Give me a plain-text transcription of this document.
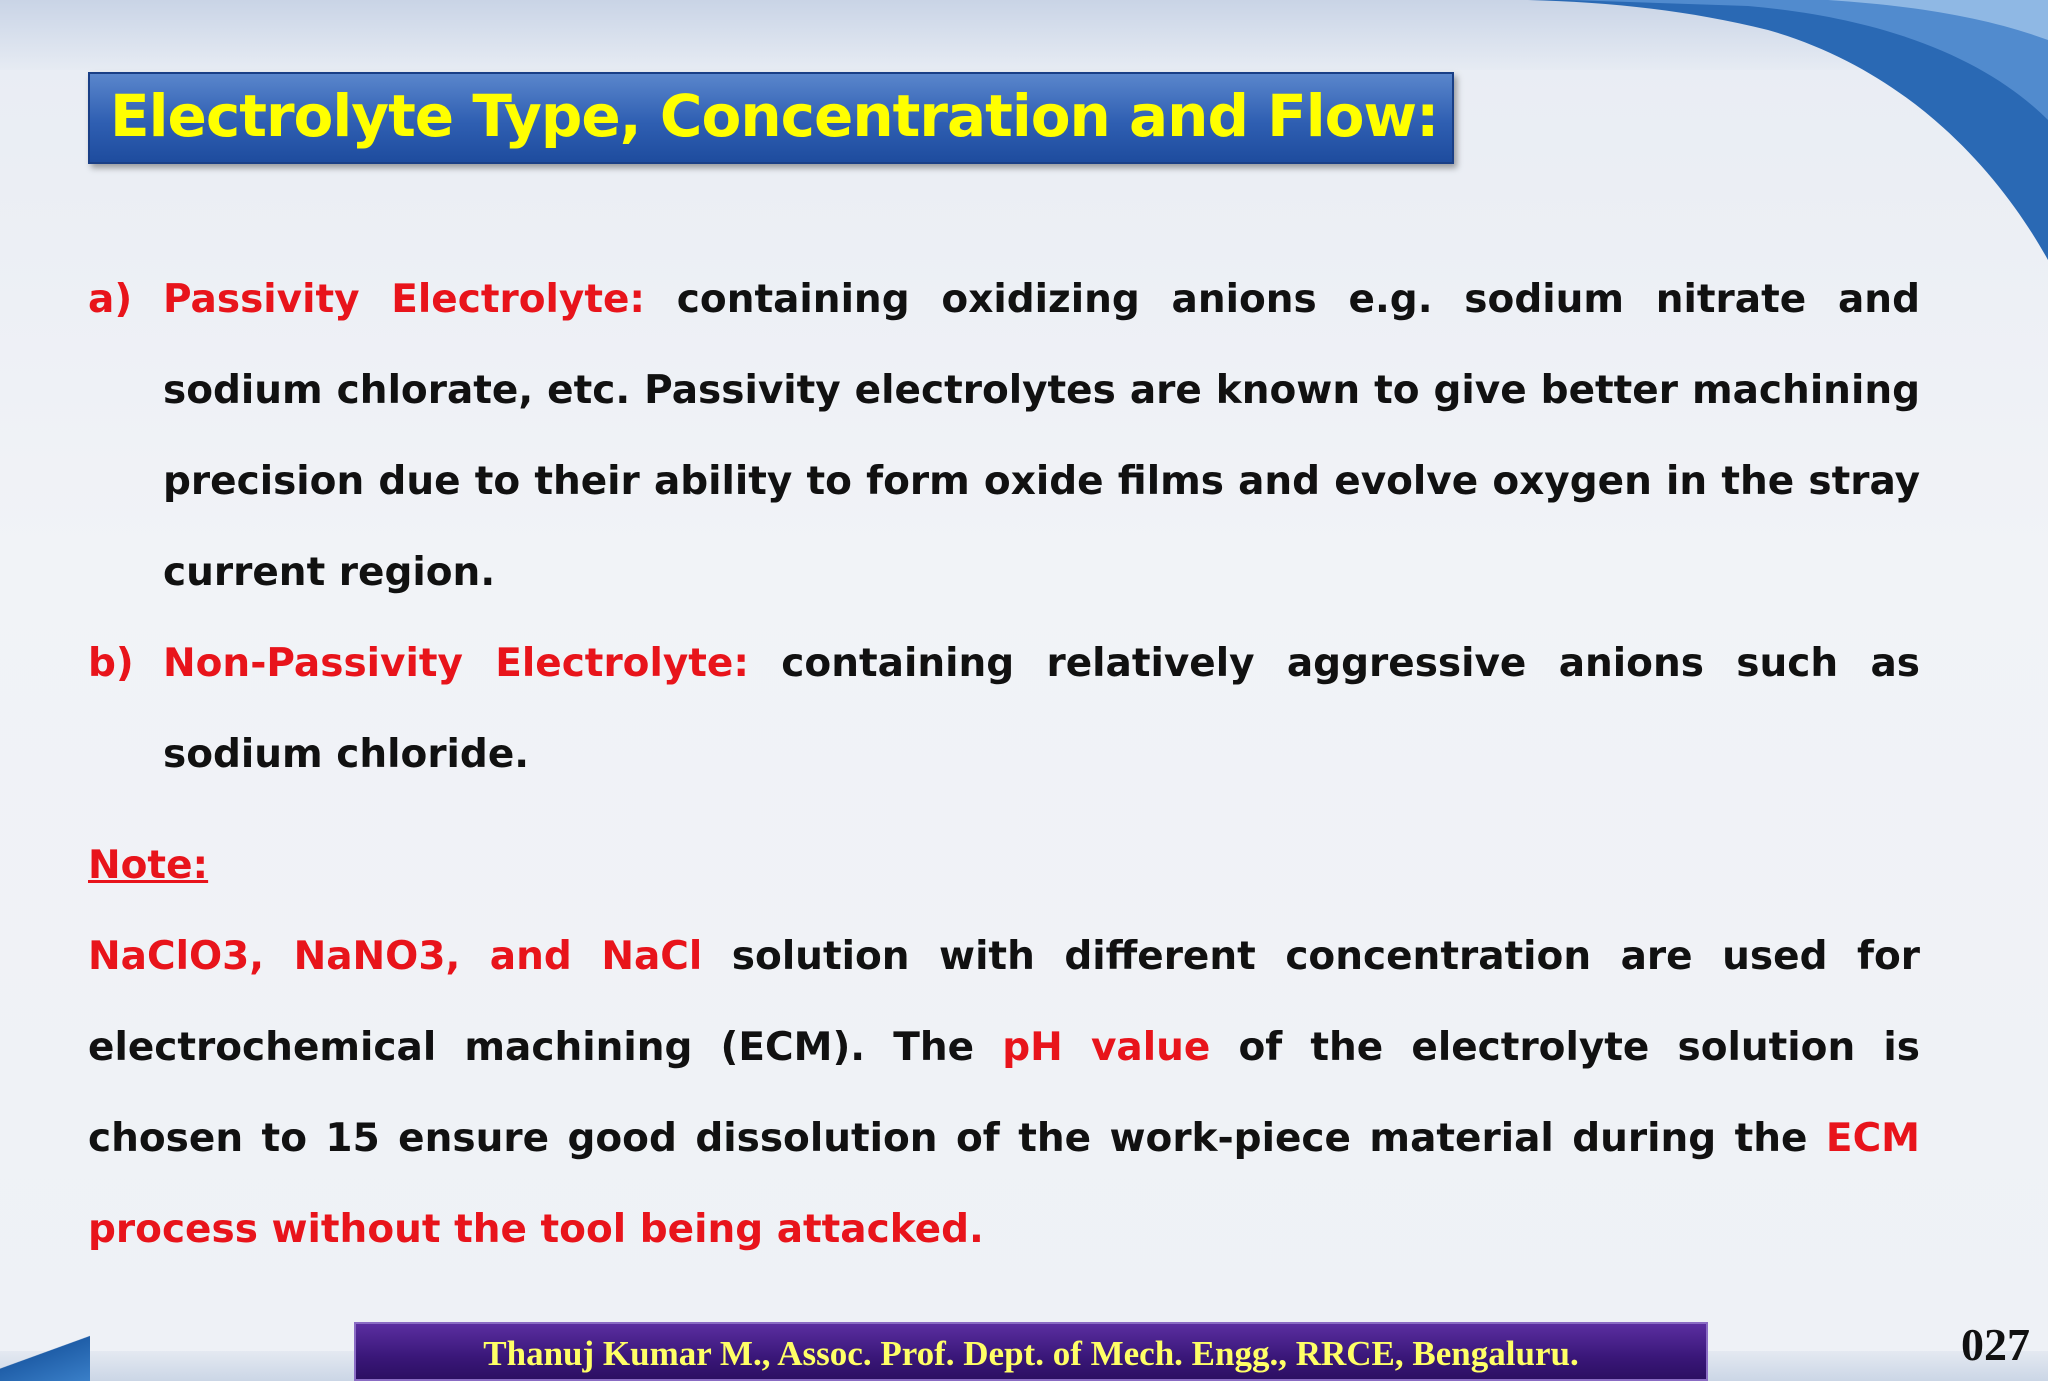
Electrolyte Type, Concentration and Flow:
a) Passivity Electrolyte: containing oxidizing anions e.g. sodium nitrate and sodium chlorate, etc. Passivity electrolytes are known to give better machining precision due to their ability to form oxide films and evolve oxygen in the stray current region.
b) Non-Passivity Electrolyte: containing relatively aggressive anions such as sodium chloride.
Note:
NaClO3, NaNO3, and NaCl solution with different concentration are used for electrochemical machining (ECM). The pH value of the electrolyte solution is chosen to 15 ensure good dissolution of the work-piece material during the ECM process without the tool being attacked.
Thanuj Kumar M., Assoc. Prof. Dept. of Mech. Engg., RRCE, Bengaluru.	027
